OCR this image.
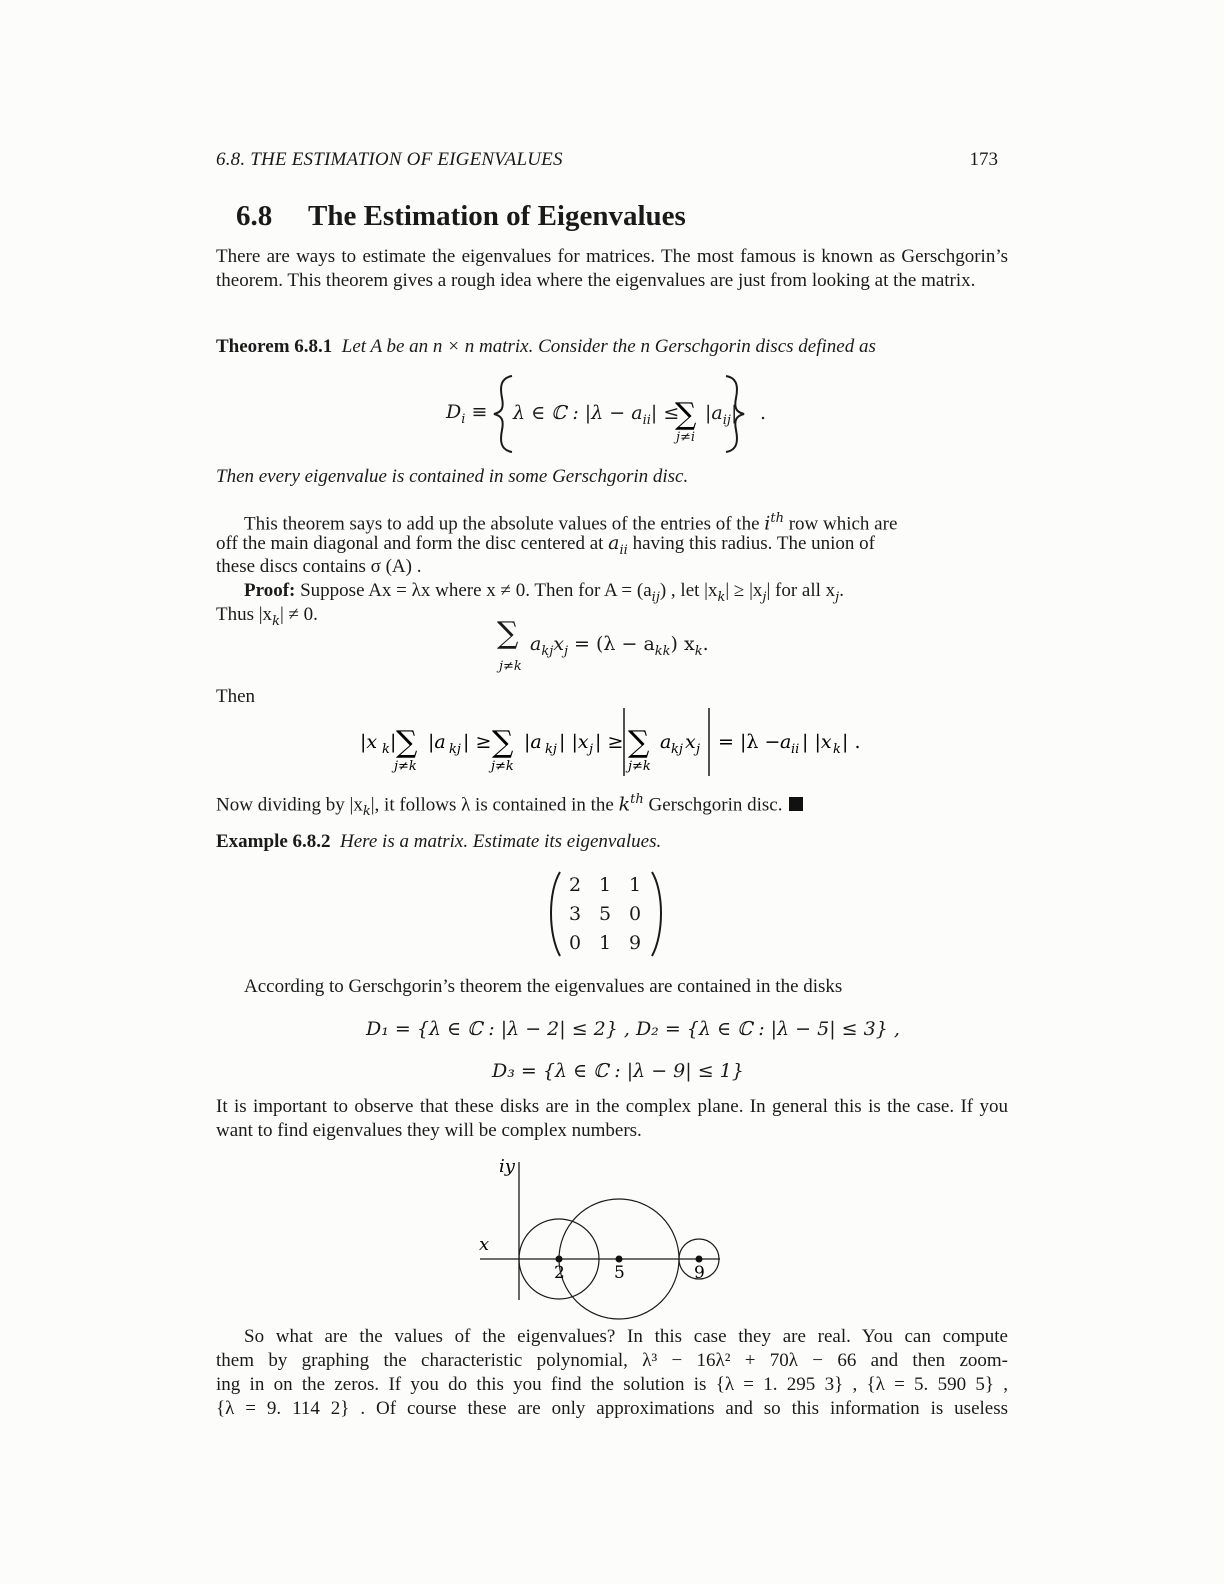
6.8. THE ESTIMATION OF EIGENVALUES	173
6.8 The Estimation of Eigenvalues
There are ways to estimate the eigenvalues for matrices. The most famous is known as Gerschgorin’s theorem. This theorem gives a rough idea where the eigenvalues are just from looking at the matrix.
Theorem 6.8.1 Let A be an n × n matrix. Consider the n Gerschgorin discs defined as
$D_i$ ≡	∑
λ ∈ ℂ : $|\lambda - a_{ii}| \le |a_{ij}|$
j≠i
.
Then every eigenvalue is contained in some Gerschgorin disc.
This theorem says to add up the absolute values of the entries of the $i^{th}$ row which are
off the main diagonal and form the disc centered at $a_{ii}$ having this radius. The union of
these discs contains σ (A) .
Proof: Suppose Ax = λx where x ≠ 0. Then for $A = (a_{ij})$ , let $|x_k| \ge |x_j|$ for all $x_j$.
Thus $|x_k| \ne 0$.
∑ $a_{kj}x_j = (\lambda - a_{kk})$ $x_k$.
j≠k
Then
|x k | ∑ |a kj | ≥ ∑ |a kj | |x j | ≥ ∑ a kj x j = |λ − a ii | |x k | .
j≠k	j≠k	j≠k
Now dividing by $|x_k|$, it follows λ is contained in the $k^{th}$ Gerschgorin disc.
Example 6.8.2 Here is a matrix. Estimate its eigenvalues.
2 1 1
3 5 0
0 1 9
According to Gerschgorin’s theorem the eigenvalues are contained in the disks
D₁ = {λ ∈ ℂ : |λ − 2| ≤ 2} , D₂ = {λ ∈ ℂ : |λ − 5| ≤ 3} ,
D₃ = {λ ∈ ℂ : |λ − 9| ≤ 1}
It is important to observe that these disks are in the complex plane. In general this is the case. If you want to find eigenvalues they will be complex numbers.
iy
x
2	5	9
So what are the values of the eigenvalues? In this case they are real. You can compute
them by graphing the characteristic polynomial, λ³ − 16λ² + 70λ − 66 and then zoom-
ing in on the zeros. If you do this you find the solution is {λ = 1. 295 3} , {λ = 5. 590 5} ,
{λ = 9. 114 2} . Of course these are only approximations and so this information is useless
